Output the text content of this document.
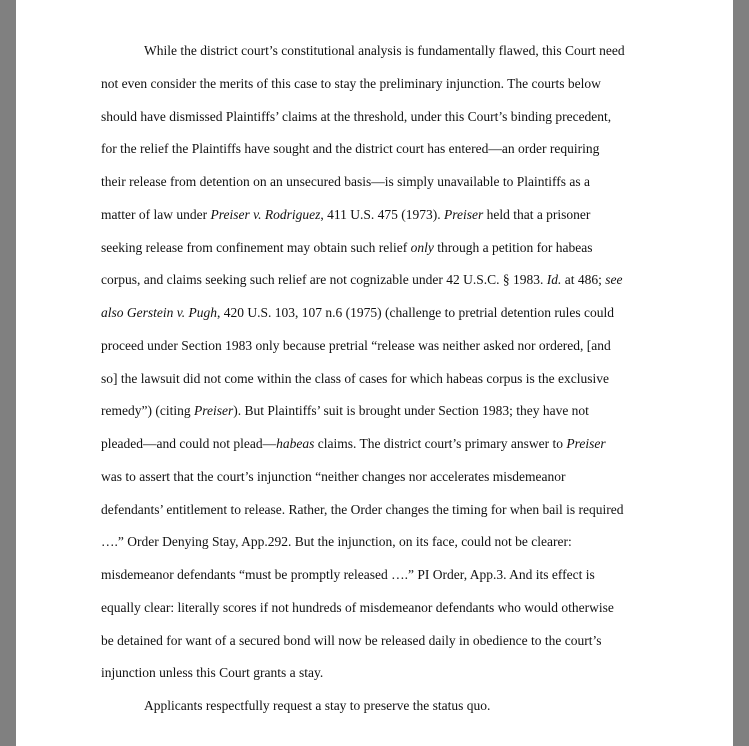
While the district court’s constitutional analysis is fundamentally flawed, this Court need
not even consider the merits of this case to stay the preliminary injunction. The courts below
should have dismissed Plaintiffs’ claims at the threshold, under this Court’s binding precedent,
for the relief the Plaintiffs have sought and the district court has entered—an order requiring
their release from detention on an unsecured basis—is simply unavailable to Plaintiffs as a
matter of law under Preiser v. Rodriguez, 411 U.S. 475 (1973). Preiser held that a prisoner
seeking release from confinement may obtain such relief only through a petition for habeas
corpus, and claims seeking such relief are not cognizable under 42 U.S.C. § 1983. Id. at 486; see
also Gerstein v. Pugh, 420 U.S. 103, 107 n.6 (1975) (challenge to pretrial detention rules could
proceed under Section 1983 only because pretrial “release was neither asked nor ordered, [and
so] the lawsuit did not come within the class of cases for which habeas corpus is the exclusive
remedy”) (citing Preiser). But Plaintiffs’ suit is brought under Section 1983; they have not
pleaded—and could not plead—habeas claims. The district court’s primary answer to Preiser
was to assert that the court’s injunction “neither changes nor accelerates misdemeanor
defendants’ entitlement to release. Rather, the Order changes the timing for when bail is required
….” Order Denying Stay, App.292. But the injunction, on its face, could not be clearer:
misdemeanor defendants “must be promptly released ….” PI Order, App.3. And its effect is
equally clear: literally scores if not hundreds of misdemeanor defendants who would otherwise
be detained for want of a secured bond will now be released daily in obedience to the court’s
injunction unless this Court grants a stay.
Applicants respectfully request a stay to preserve the status quo.
